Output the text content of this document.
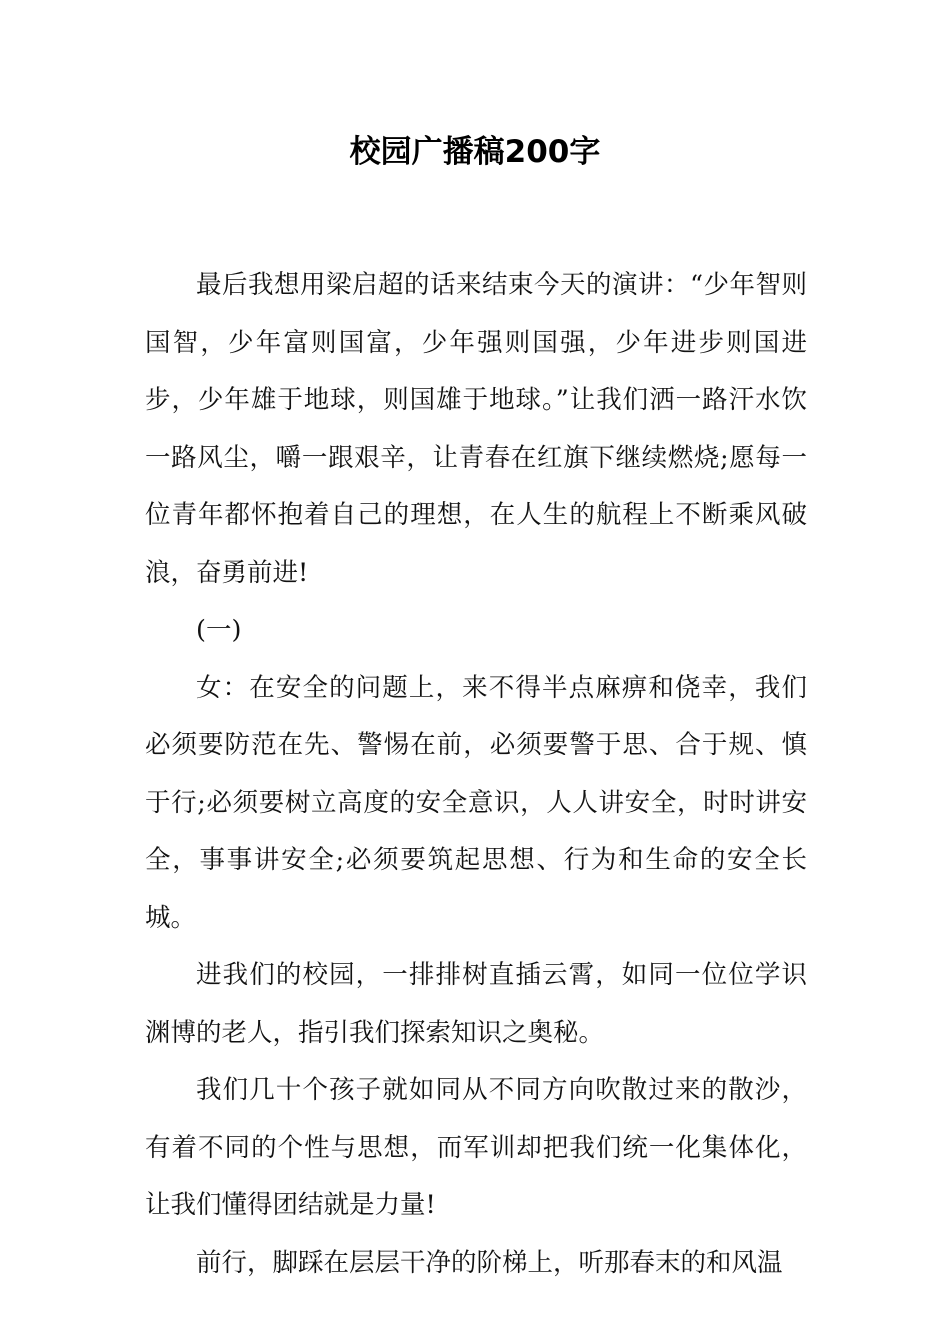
校园广播稿200字

最后我想用梁启超的话来结束今天的演讲：“少年智则国智，少年富则国富，少年强则国强，少年进步则国进步，少年雄于地球，则国雄于地球。”让我们洒一路汗水饮一路风尘，嚼一跟艰辛，让青春在红旗下继续燃烧;愿每一位青年都怀抱着自己的理想，在人生的航程上不断乘风破浪，奋勇前进!

(一)

女：在安全的问题上，来不得半点麻痹和侥幸，我们必须要防范在先、警惕在前，必须要警于思、合于规、慎于行;必须要树立高度的安全意识，人人讲安全，时时讲安全，事事讲安全;必须要筑起思想、行为和生命的安全长城。

进我们的校园，一排排树直插云霄，如同一位位学识渊博的老人，指引我们探索知识之奥秘。

我们几十个孩子就如同从不同方向吹散过来的散沙，有着不同的个性与思想，而军训却把我们统一化集体化，让我们懂得团结就是力量!

前行，脚踩在层层干净的阶梯上，听那春末的和风温
